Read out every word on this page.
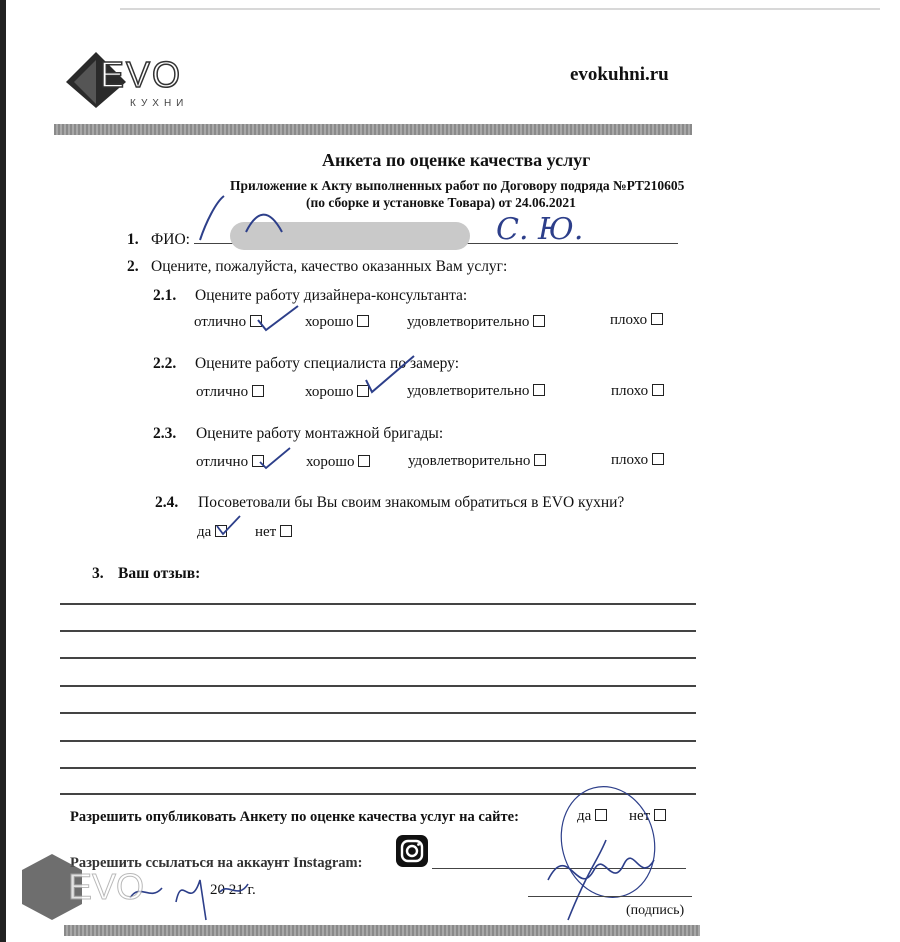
EVO
КУХНИ
evokuhni.ru
Анкета по оценке качества услуг
Приложение к Акту выполненных работ по Договору подряда №PT210605
(по сборке и установке Товара) от 24.06.2021
1. ФИО:	С. Ю.
2. Оцените, пожалуйста, качество оказанных Вам услуг:
2.1. Оцените работу дизайнера-консультанта:
отлично	хорошо	удовлетворительно	плохо
2.2. Оцените работу специалиста по замеру:
отлично	хорошо	удовлетворительно	плохо
2.3. Оцените работу монтажной бригады:
отлично	хорошо	удовлетворительно	плохо
2.4. Посоветовали бы Вы своим знакомым обратиться в EVO кухни?
да	нет
3. Ваш отзыв:
Разрешить опубликовать Анкету по оценке качества услуг на сайте:	да	нет
Разрешить ссылаться на аккаунт Instagram:
20 21 г.
(подпись)
EVO
